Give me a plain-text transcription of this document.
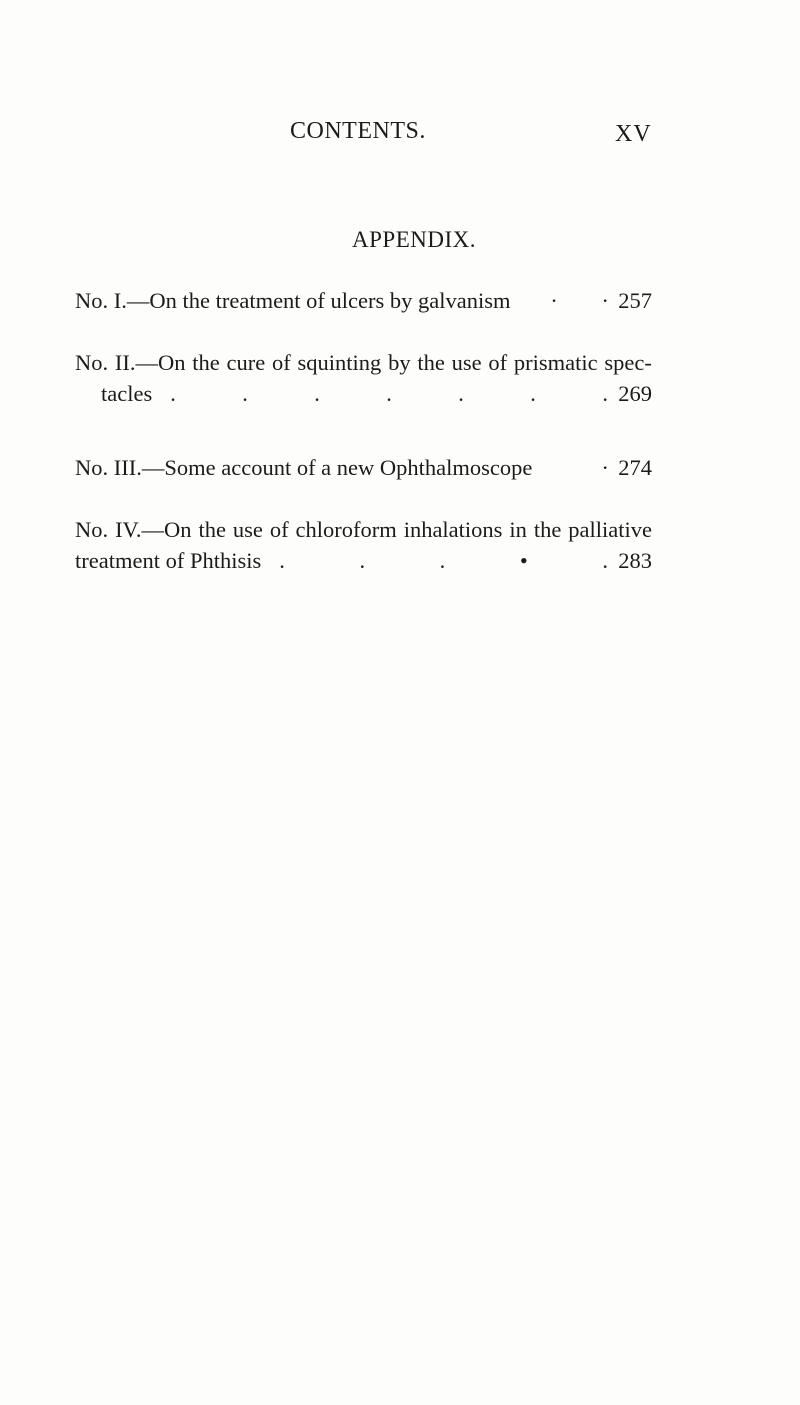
CONTENTS.	XV
APPENDIX.
No. I.—On the treatment of ulcers by galvanism . . 257
No. II.—On the cure of squinting by the use of prismatic spec-
tacles .	.	.	.	.	.	. 269
No. III.—Some account of a new Ophthalmoscope	. 274
No. IV.—On the use of chloroform inhalations in the palliative
treatment of Phthisis .	.	.	•	. 283
